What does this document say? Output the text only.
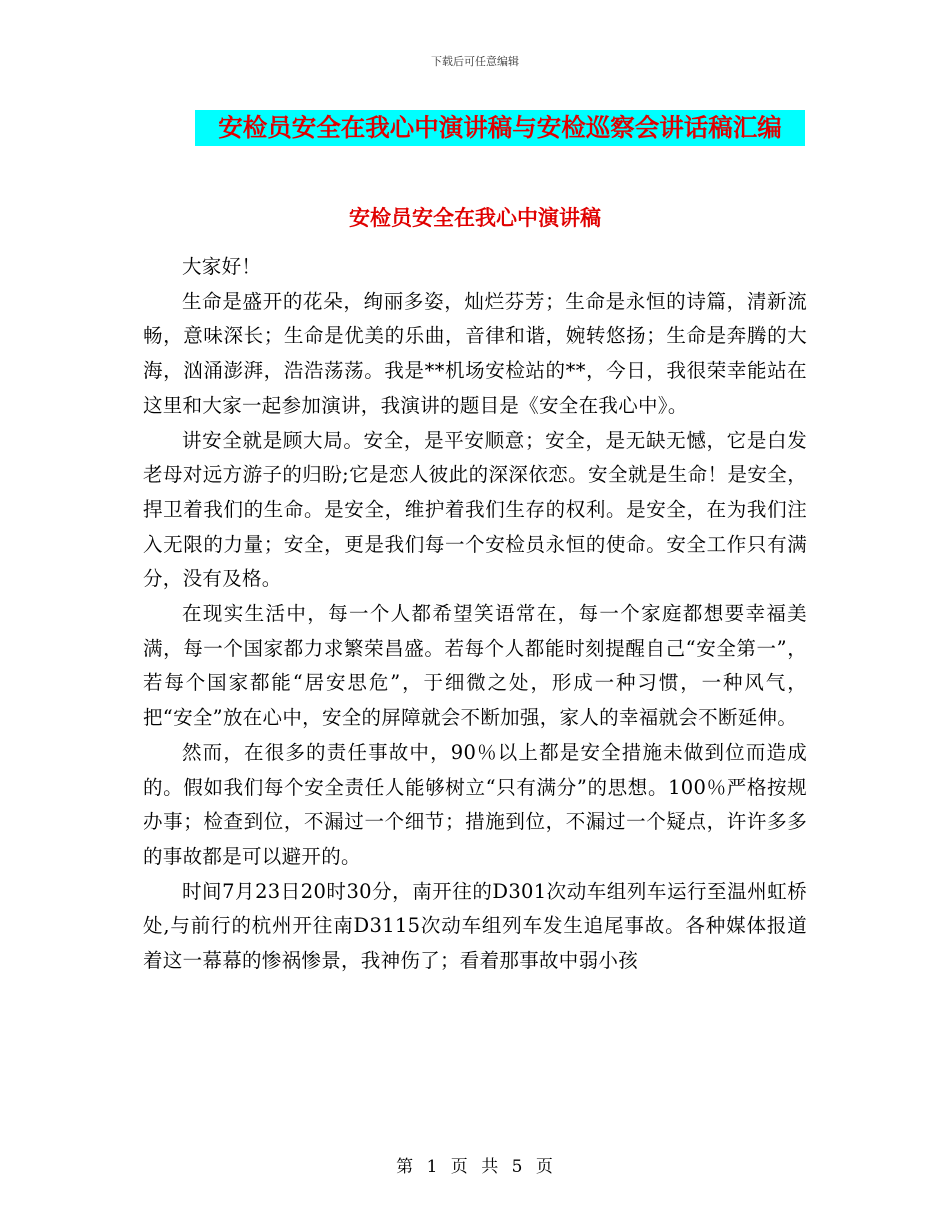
下载后可任意编辑
安检员安全在我心中演讲稿与安检巡察会讲话稿汇编
安检员安全在我心中演讲稿

大家好！

生命是盛开的花朵，绚丽多姿，灿烂芬芳；生命是永恒的诗篇，清新流畅，意味深长；生命是优美的乐曲，音律和谐，婉转悠扬；生命是奔腾的大海，汹涌澎湃，浩浩荡荡。我是**机场安检站的**，今日，我很荣幸能站在这里和大家一起参加演讲，我演讲的题目是《安全在我心中》。

讲安全就是顾大局。安全，是平安顺意；安全，是无缺无憾，它是白发老母对远方游子的归盼;它是恋人彼此的深深依恋。安全就是生命！是安全，捍卫着我们的生命。是安全，维护着我们生存的权利。是安全，在为我们注入无限的力量；安全，更是我们每一个安检员永恒的使命。安全工作只有满分，没有及格。

在现实生活中，每一个人都希望笑语常在，每一个家庭都想要幸福美满，每一个国家都力求繁荣昌盛。若每个人都能时刻提醒自己“安全第一”，若每个国家都能“居安思危”，于细微之处，形成一种习惯，一种风气，把“安全”放在心中，安全的屏障就会不断加强，家人的幸福就会不断延伸。

然而，在很多的责任事故中，90％以上都是安全措施未做到位而造成的。假如我们每个安全责任人能够树立“只有满分”的思想。100％严格按规办事；检查到位，不漏过一个细节；措施到位，不漏过一个疑点，许许多多的事故都是可以避开的。

时间7月23日20时30分，南开往的D301次动车组列车运行至温州虹桥处,与前行的杭州开往南D3115次动车组列车发生追尾事故。各种媒体报道着这一幕幕的惨祸惨景，我神伤了；看着那事故中弱小孩

第 1 页 共 5 页
